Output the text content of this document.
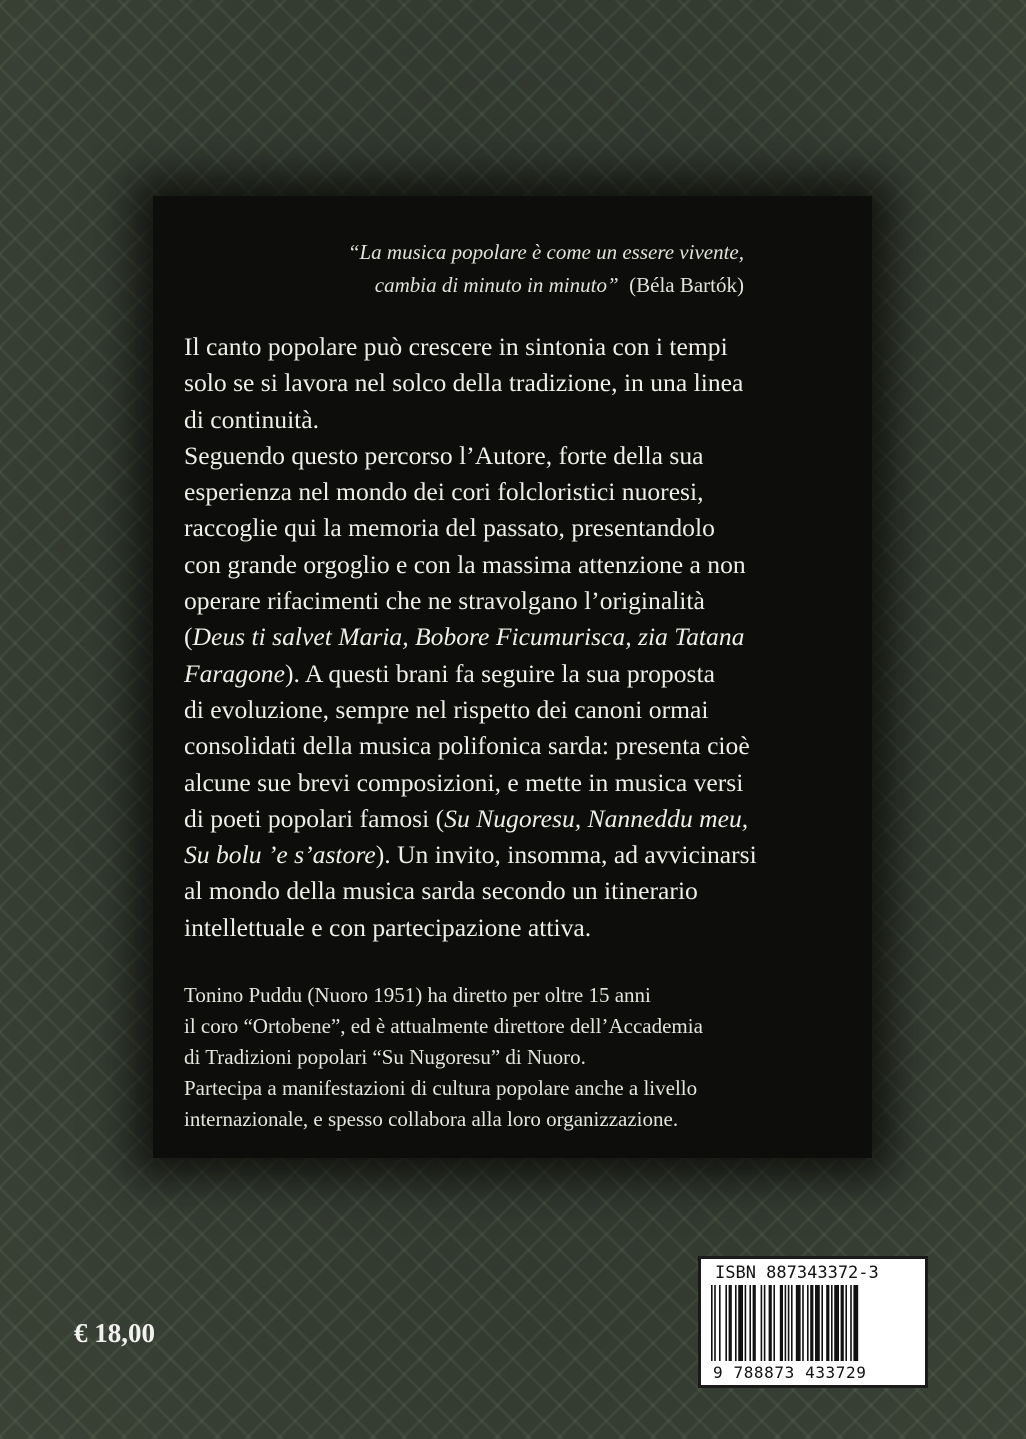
“La musica popolare è come un essere vivente,
cambia di minuto in minuto” (Béla Bartók)
Il canto popolare può crescere in sintonia con i tempi
solo se si lavora nel solco della tradizione, in una linea
di continuità.
Seguendo questo percorso l’Autore, forte della sua
esperienza nel mondo dei cori folcloristici nuoresi,
raccoglie qui la memoria del passato, presentandolo
con grande orgoglio e con la massima attenzione a non
operare rifacimenti che ne stravolgano l’originalità
(Deus ti salvet Maria, Bobore Ficumurisca, zia Tatana
Faragone). A questi brani fa seguire la sua proposta
di evoluzione, sempre nel rispetto dei canoni ormai
consolidati della musica polifonica sarda: presenta cioè
alcune sue brevi composizioni, e mette in musica versi
di poeti popolari famosi (Su Nugoresu, Nanneddu meu,
Su bolu ’e s’astore). Un invito, insomma, ad avvicinarsi
al mondo della musica sarda secondo un itinerario
intellettuale e con partecipazione attiva.
Tonino Puddu (Nuoro 1951) ha diretto per oltre 15 anni
il coro “Ortobene”, ed è attualmente direttore dell’Accademia
di Tradizioni popolari “Su Nugoresu” di Nuoro.
Partecipa a manifestazioni di cultura popolare anche a livello
internazionale, e spesso collabora alla loro organizzazione.
€ 18,00
ISBN 887343372-3
9 788873 433729
